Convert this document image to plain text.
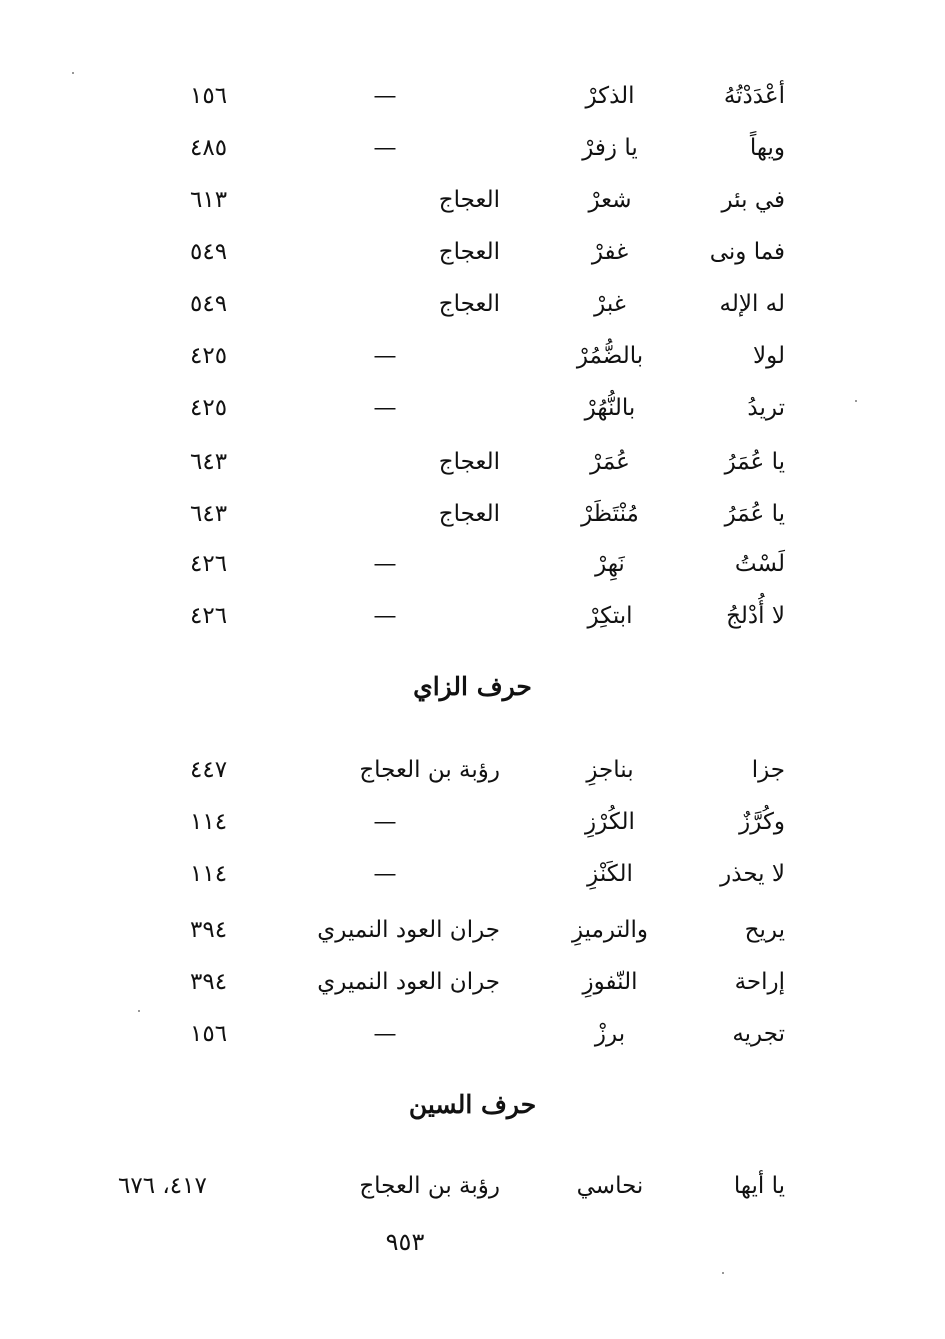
أعْدَدْتُهُ
الذكرْ
—
١٥٦
ويهاً
يا زفرْ
—
٤٨٥
في بئر
شعرْ
العجاج
٦١٣
فما ونى
غفرْ
العجاج
٥٤٩
له الإله
غبرْ
العجاج
٥٤٩
لولا
بالضُّمُرْ
—
٤٢٥
تريدُ
بالنُّهُرْ
—
٤٢٥
يا عُمَرُ
عُمَرْ
العجاج
٦٤٣
يا عُمَرُ
مُنْتَظَرْ
العجاج
٦٤٣
لَسْتُ
نَهِرْ
—
٤٢٦
لا أُدْلجُ
ابتكِرْ
—
٤٢٦
حرف الزاي
جزا
بناجزِ
رؤبة بن العجاج
٤٤٧
وكُرَّزٌ
الكُرْزِ
—
١١٤
لا يحذر
الكَنْزِ
—
١١٤
يريح
والترميزِ
جران العود النميري
٣٩٤
إراحة
النّفوزِ
جران العود النميري
٣٩٤
تجريه
برزْ
—
١٥٦
حرف السين
يا أيها
نحاسي
رؤبة بن العجاج
٤١٧، ٦٧٦
٩٥٣
